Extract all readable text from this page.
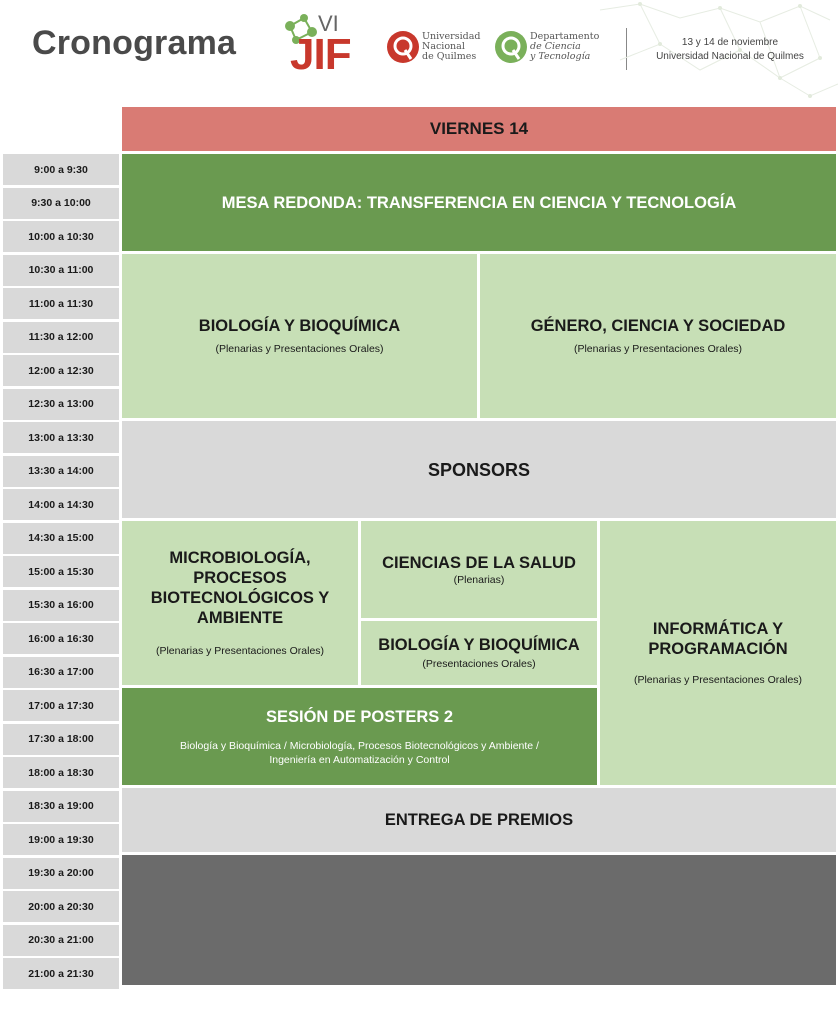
Cronograma
VI
JIF	Universidad
Nacional
de Quilmes
Departamento
de Ciencia
y Tecnología
13 y 14 de noviembre
Universidad Nacional de Quilmes
VIERNES 14
9:00 a 9:30
9:30 a 10:00
10:00 a 10:30
10:30 a 11:00
11:00 a 11:30
11:30 a 12:00
12:00 a 12:30
12:30 a 13:00
13:00 a 13:30
13:30 a 14:00
14:00 a 14:30
14:30 a 15:00
15:00 a 15:30
15:30 a 16:00
16:00 a 16:30
16:30 a 17:00
17:00 a 17:30
17:30 a 18:00
18:00 a 18:30
18:30 a 19:00
19:00 a 19:30
19:30 a 20:00
20:00 a 20:30
20:30 a 21:00
21:00 a 21:30
MESA REDONDA: TRANSFERENCIA EN CIENCIA Y TECNOLOGÍA
BIOLOGÍA Y BIOQUÍMICA
(Plenarias y Presentaciones Orales)
GÉNERO, CIENCIA Y SOCIEDAD
(Plenarias y Presentaciones Orales)
SPONSORS
MICROBIOLOGÍA, PROCESOS BIOTECNOLÓGICOS Y AMBIENTE
(Plenarias y Presentaciones Orales)
CIENCIAS DE LA SALUD
(Plenarias)
BIOLOGÍA Y BIOQUÍMICA
(Presentaciones Orales)
INFORMÁTICA Y PROGRAMACIÓN
(Plenarias y Presentaciones Orales)
SESIÓN DE POSTERS 2
Biología y Bioquímica / Microbiología, Procesos Biotecnológicos y Ambiente /
Ingeniería en Automatización y Control
ENTREGA DE PREMIOS
